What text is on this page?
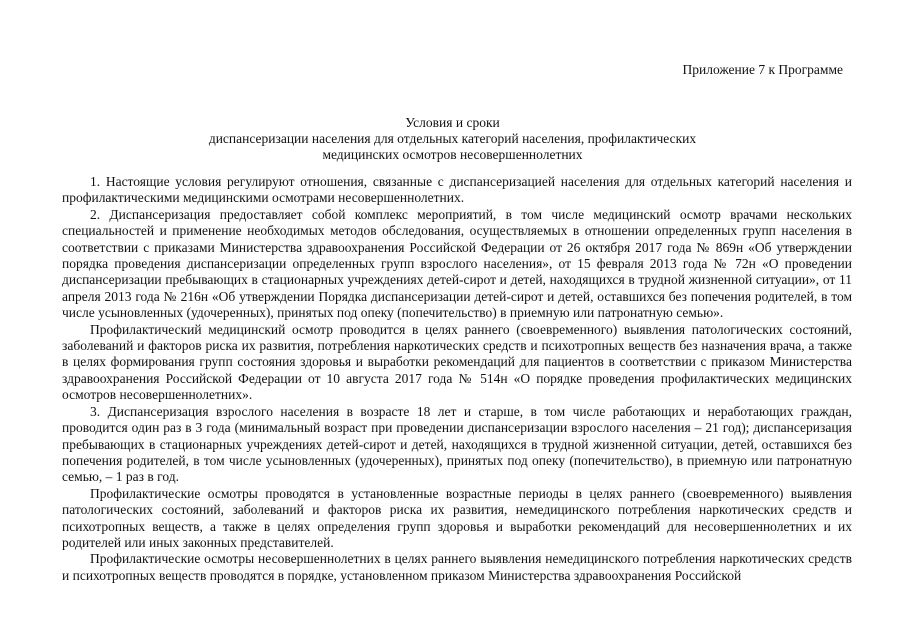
Приложение 7 к Программе
Условия и сроки
диспансеризации населения для отдельных категорий населения, профилактических
медицинских осмотров несовершеннолетних

1. Настоящие условия регулируют отношения, связанные с диспансеризацией населения для отдельных категорий населения и профилактическими медицинскими осмотрами несовершеннолетних.

2. Диспансеризация предоставляет собой комплекс мероприятий, в том числе медицинский осмотр врачами нескольких специальностей и применение необходимых методов обследования, осуществляемых в отношении определенных групп населения в соответствии с приказами Министерства здравоохранения Российской Федерации от 26 октября 2017 года № 869н «Об утверждении порядка проведения диспансеризации определенных групп взрослого населения», от 15 февраля 2013 года № 72н «О проведении диспансеризации пребывающих в стационарных учреждениях детей-сирот и детей, находящихся в трудной жизненной ситуации», от 11 апреля 2013 года № 216н «Об утверждении Порядка диспансеризации детей-сирот и детей, оставшихся без попечения родителей, в том числе усыновленных (удочеренных), принятых под опеку (попечительство) в приемную или патронатную семью».

Профилактический медицинский осмотр проводится в целях раннего (своевременного) выявления патологических состояний, заболеваний и факторов риска их развития, потребления наркотических средств и психотропных веществ без назначения врача, а также в целях формирования групп состояния здоровья и выработки рекомендаций для пациентов в соответствии с приказом Министерства здравоохранения Российской Федерации от 10 августа 2017 года № 514н «О порядке проведения профилактических медицинских осмотров несовершеннолетних».

3. Диспансеризация взрослого населения в возрасте 18 лет и старше, в том числе работающих и неработающих граждан, проводится один раз в 3 года (минимальный возраст при проведении диспансеризации взрослого населения – 21 год); диспансеризация пребывающих в стационарных учреждениях детей-сирот и детей, находящихся в трудной жизненной ситуации, детей, оставшихся без попечения родителей, в том числе усыновленных (удочеренных), принятых под опеку (попечительство), в приемную или патронатную семью, – 1 раз в год.

Профилактические осмотры проводятся в установленные возрастные периоды в целях раннего (своевременного) выявления патологических состояний, заболеваний и факторов риска их развития, немедицинского потребления наркотических средств и психотропных веществ, а также в целях определения групп здоровья и выработки рекомендаций для несовершеннолетних и их родителей или иных законных представителей.

Профилактические осмотры несовершеннолетних в целях раннего выявления немедицинского потребления наркотических средств и психотропных веществ проводятся в порядке, установленном приказом Министерства здравоохранения Российской
